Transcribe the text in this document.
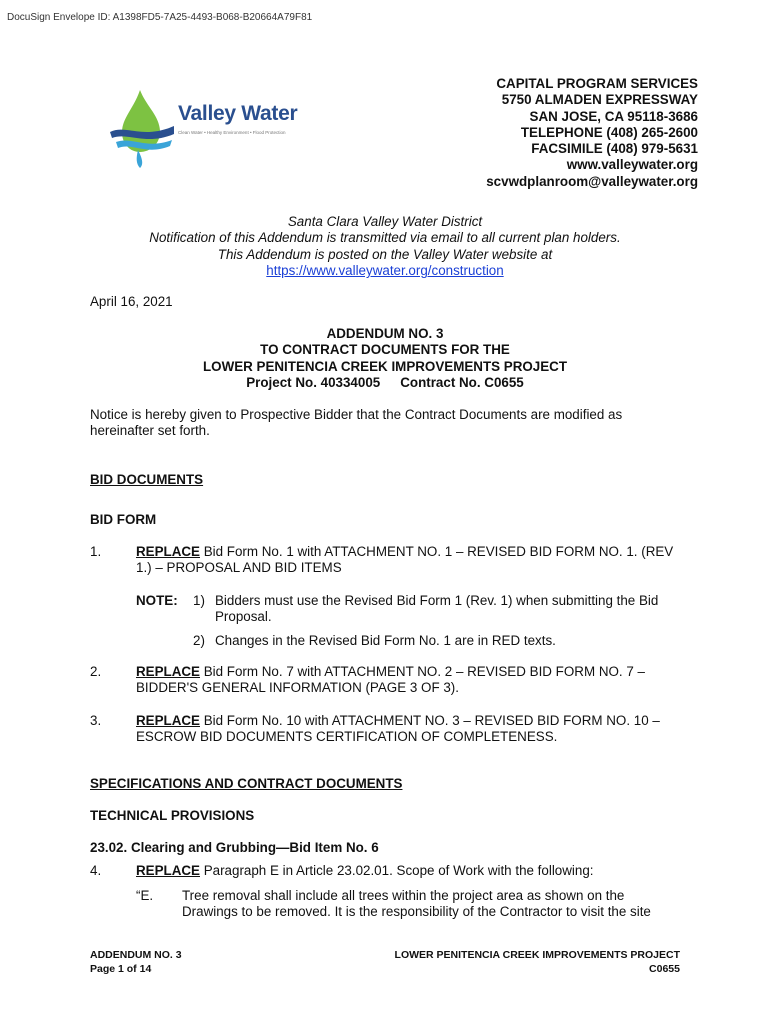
DocuSign Envelope ID: A1398FD5-7A25-4493-B068-B20664A79F81
Valley Water
Clean Water • Healthy Environment • Flood Protection
CAPITAL PROGRAM SERVICES
5750 ALMADEN EXPRESSWAY
SAN JOSE, CA 95118-3686
TELEPHONE (408) 265-2600
FACSIMILE (408) 979-5631
www.valleywater.org
scvwdplanroom@valleywater.org
Santa Clara Valley Water District
Notification of this Addendum is transmitted via email to all current plan holders.
This Addendum is posted on the Valley Water website at
https://www.valleywater.org/construction
April 16, 2021
ADDENDUM NO. 3
TO CONTRACT DOCUMENTS FOR THE
LOWER PENITENCIA CREEK IMPROVEMENTS PROJECT
Project No. 40334005 Contract No. C0655
Notice is hereby given to Prospective Bidder that the Contract Documents are modified as hereinafter set forth.
BID DOCUMENTS
BID FORM
1.	REPLACE Bid Form No. 1 with ATTACHMENT NO. 1 – REVISED BID FORM NO. 1. (REV 1.) – PROPOSAL AND BID ITEMS
NOTE: 1) Bidders must use the Revised Bid Form 1 (Rev. 1) when submitting the Bid Proposal.
2) Changes in the Revised Bid Form No. 1 are in RED texts.
2.	REPLACE Bid Form No. 7 with ATTACHMENT NO. 2 – REVISED BID FORM NO. 7 – BIDDER'S GENERAL INFORMATION (PAGE 3 OF 3).
3.	REPLACE Bid Form No. 10 with ATTACHMENT NO. 3 – REVISED BID FORM NO. 10 – ESCROW BID DOCUMENTS CERTIFICATION OF COMPLETENESS.
SPECIFICATIONS AND CONTRACT DOCUMENTS
TECHNICAL PROVISIONS
23.02. Clearing and Grubbing—Bid Item No. 6
4.	REPLACE Paragraph E in Article 23.02.01. Scope of Work with the following:
“E. Tree removal shall include all trees within the project area as shown on the Drawings to be removed. It is the responsibility of the Contractor to visit the site
ADDENDUM NO. 3
Page 1 of 14
LOWER PENITENCIA CREEK IMPROVEMENTS PROJECT
C0655
